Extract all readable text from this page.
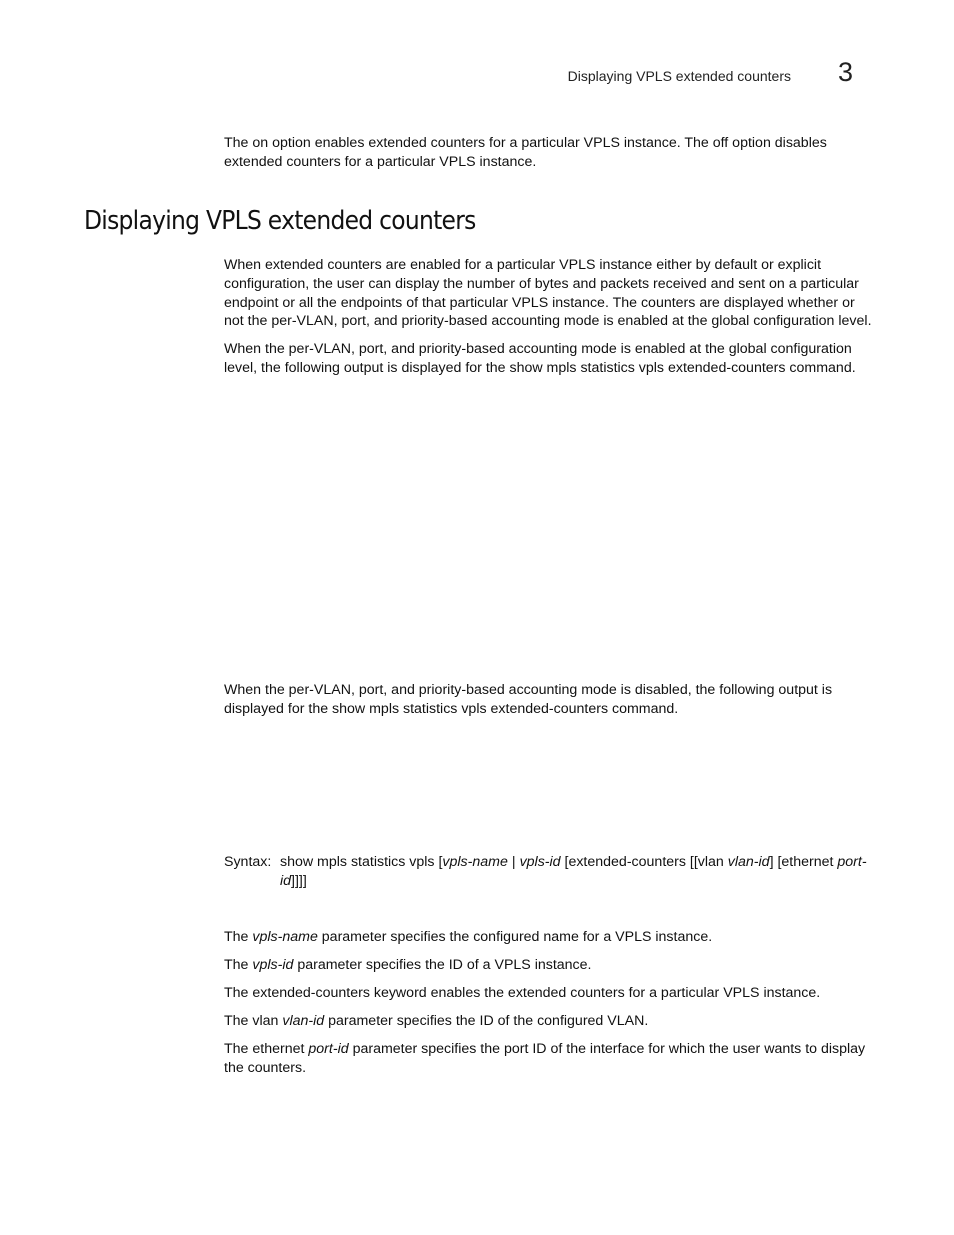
Displaying VPLS extended counters 3

The on option enables extended counters for a particular VPLS instance. The off option disables extended counters for a particular VPLS instance.

Displaying VPLS extended counters

When extended counters are enabled for a particular VPLS instance either by default or explicit configuration, the user can display the number of bytes and packets received and sent on a particular endpoint or all the endpoints of that particular VPLS instance. The counters are displayed whether or not the per-VLAN, port, and priority-based accounting mode is enabled at the global configuration level.

When the per-VLAN, port, and priority-based accounting mode is enabled at the global configuration level, the following output is displayed for the show mpls statistics vpls extended-counters command.

When the per-VLAN, port, and priority-based accounting mode is disabled, the following output is displayed for the show mpls statistics vpls extended-counters command.

Syntax: show mpls statistics vpls [vpls-name | vpls-id [extended-counters [[vlan vlan-id] [ethernet port-id]]]]

The vpls-name parameter specifies the configured name for a VPLS instance.

The vpls-id parameter specifies the ID of a VPLS instance.

The extended-counters keyword enables the extended counters for a particular VPLS instance.

The vlan vlan-id parameter specifies the ID of the configured VLAN.

The ethernet port-id parameter specifies the port ID of the interface for which the user wants to display the counters.
